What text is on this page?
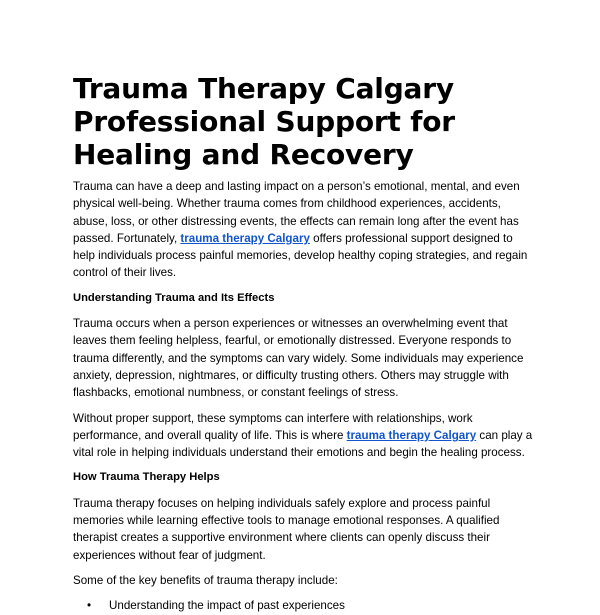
Trauma Therapy Calgary
Professional Support for
Healing and Recovery

Trauma can have a deep and lasting impact on a person’s emotional, mental, and even physical well-being. Whether trauma comes from childhood experiences, accidents, abuse, loss, or other distressing events, the effects can remain long after the event has passed. Fortunately, trauma therapy Calgary offers professional support designed to help individuals process painful memories, develop healthy coping strategies, and regain control of their lives.

Understanding Trauma and Its Effects

Trauma occurs when a person experiences or witnesses an overwhelming event that leaves them feeling helpless, fearful, or emotionally distressed. Everyone responds to trauma differently, and the symptoms can vary widely. Some individuals may experience anxiety, depression, nightmares, or difficulty trusting others. Others may struggle with flashbacks, emotional numbness, or constant feelings of stress.

Without proper support, these symptoms can interfere with relationships, work performance, and overall quality of life. This is where trauma therapy Calgary can play a vital role in helping individuals understand their emotions and begin the healing process.

How Trauma Therapy Helps

Trauma therapy focuses on helping individuals safely explore and process painful memories while learning effective tools to manage emotional responses. A qualified therapist creates a supportive environment where clients can openly discuss their experiences without fear of judgment.

Some of the key benefits of trauma therapy include:

• Understanding the impact of past experiences
